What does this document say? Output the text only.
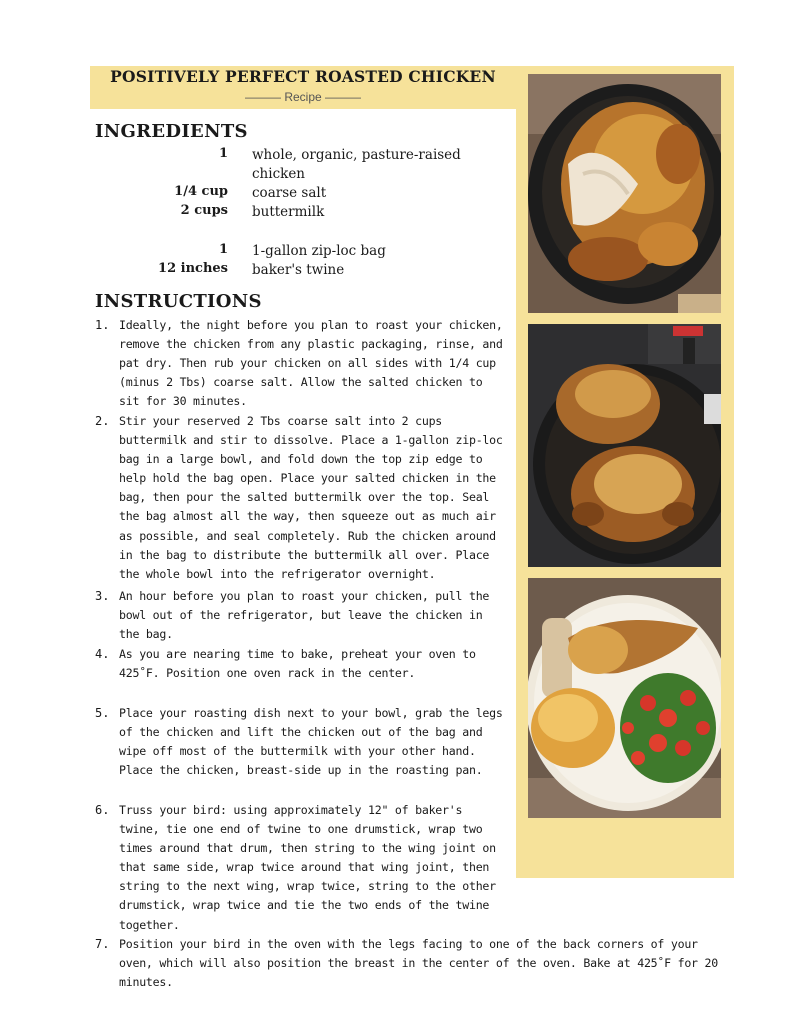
POSITIVELY PERFECT ROASTED CHICKEN
——— Recipe ———
INGREDIENTS
1 whole, organic, pasture-raised chicken
1/4 cup coarse salt
2 cups buttermilk
1 1-gallon zip-loc bag
12 inches baker's twine
INSTRUCTIONS
1. Ideally, the night before you plan to roast your chicken, remove the chicken from any plastic packaging, rinse, and pat dry. Then rub your chicken on all sides with 1/4 cup (minus 2 Tbs) coarse salt. Allow the salted chicken to sit for 30 minutes.
2. Stir your reserved 2 Tbs coarse salt into 2 cups buttermilk and stir to dissolve. Place a 1-gallon zip-loc bag in a large bowl, and fold down the top zip edge to help hold the bag open. Place your salted chicken in the bag, then pour the salted buttermilk over the top. Seal the bag almost all the way, then squeeze out as much air as possible, and seal completely. Rub the chicken around in the bag to distribute the buttermilk all over. Place the whole bowl into the refrigerator overnight.
3. An hour before you plan to roast your chicken, pull the bowl out of the refrigerator, but leave the chicken in the bag.
4. As you are nearing time to bake, preheat your oven to 425˚F. Position one oven rack in the center.
5. Place your roasting dish next to your bowl, grab the legs of the chicken and lift the chicken out of the bag and wipe off most of the buttermilk with your other hand. Place the chicken, breast-side up in the roasting pan.
6. Truss your bird: using approximately 12" of baker's twine, tie one end of twine to one drumstick, wrap two times around that drum, then string to the wing joint on that same side, wrap twice around that wing joint, then string to the next wing, wrap twice, string to the other drumstick, wrap twice and tie the two ends of the twine together.
7. Position your bird in the oven with the legs facing to one of the back corners of your oven, which will also position the breast in the center of the oven. Bake at 425˚F for 20 minutes.
